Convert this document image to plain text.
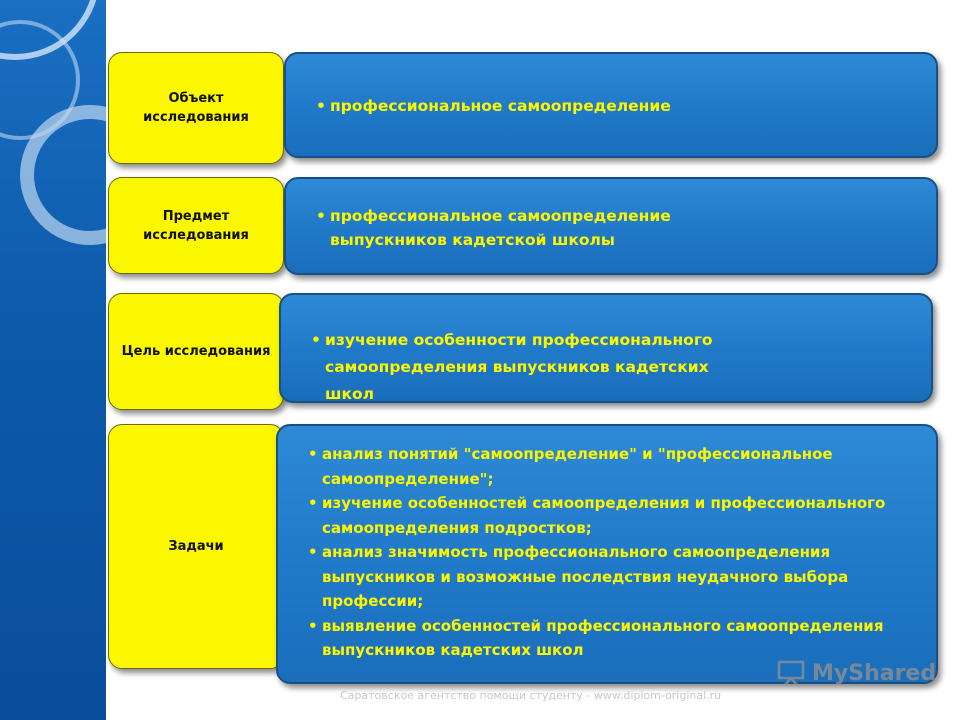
Объект исследования
• профессиональное самоопределение
Предмет исследования
• профессиональное самоопределение выпускников кадетской школы
Цель исследования
• изучение особенности профессионального самоопределения выпускников кадетских школ
Задачи
• анализ понятий "самоопределение" и "профессиональное самоопределение";
• изучение особенностей самоопределения и профессионального самоопределения подростков;
• анализ значимость профессионального самоопределения выпускников и возможные последствия неудачного выбора профессии;
• выявление особенностей профессионального самоопределения выпускников кадетских школ
MyShared
Саратовское агентство помощи студенту - www.diplom-original.ru
